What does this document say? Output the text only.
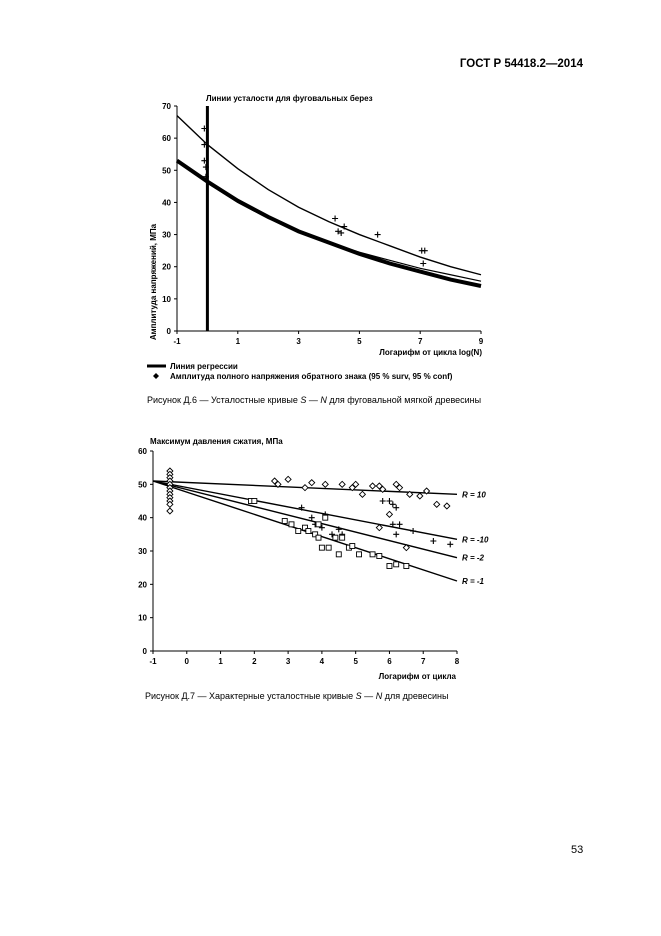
ГОСТ Р 54418.2—2014
0
10
20
30
40
50
60
70
-1	1	3	5	7	9
Линии усталости для фуговальных берез
Амплитуда напряжений, МПа
Логарифм от цикла log(N)
Линия регрессии
Амплитуда полного напряжения обратного знака (95 % surv, 95 % conf)
Рисунок Д.6 — Усталостные кривые S — N для фуговальной мягкой древесины
0
10
20
30
40
50
60
-1	0	1	2	3	4	5	6	7	8
R = 10
R = -10
R = -2
R = -1
Максимум давления сжатия, МПа
Логарифм от цикла
Рисунок Д.7 — Характерные усталостные кривые S — N для древесины
53
